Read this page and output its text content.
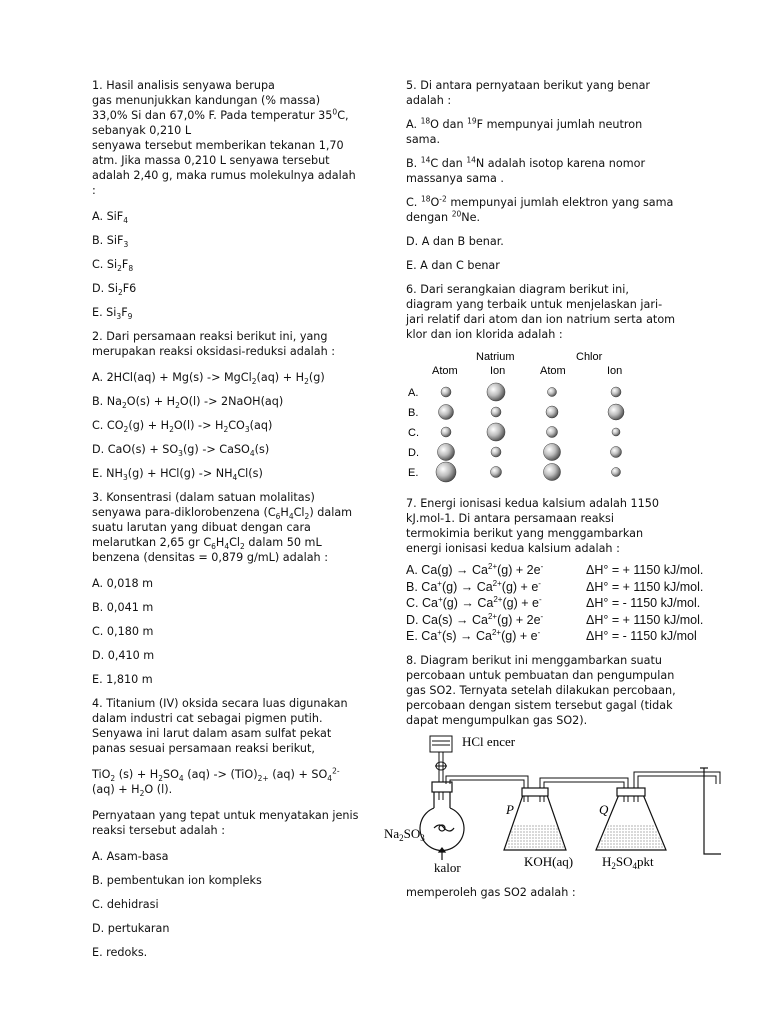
1. Hasil analisis senyawa berupa
gas menunjukkan kandungan (% massa)
33,0% Si dan 67,0% F. Pada temperatur $35^0C$,
sebanyak 0,210 L

senyawa tersebut memberikan tekanan 1,70 atm. Jika massa 0,210 L senyawa tersebut adalah 2,40 g, maka rumus molekulnya adalah :

A. SiF$_4$

B. SiF$_3$

C. $Si_2F_8$

D. $Si_2F6$

E. $Si_3F_9$

2. Dari persamaan reaksi berikut ini, yang merupakan reaksi oksidasi-reduksi adalah :

A. 2HCl(aq) + Mg(s) -> MgCl$_2$(aq) + $H_2(g)$

B. $Na_2O(s) + H_2O(l)$ -> 2NaOH(aq)

C. $CO_2(g) + H_2O(l) -> H_2CO_3(aq)$

D. $CaO(s) + SO_3(g)$ -> CaSO$_4$(s)

E. $NH_3(g) + HCl(g) -> NH_4Cl(s)$

3. Konsentrasi (dalam satuan molalitas) senyawa para-diklorobenzena $(C_6H_4Cl_2)$ dalam suatu larutan yang dibuat dengan cara melarutkan 2,65 gr $C_6H_4Cl_2$ dalam 50 mL benzena (densitas = 0,879 g/mL) adalah :

A. 0,018 m

B. 0,041 m

C. 0,180 m

D. 0,410 m

E. 1,810 m

4. Titanium (IV) oksida secara luas digunakan dalam industri cat sebagai pigmen putih. Senyawa ini larut dalam asam sulfat pekat panas sesuai persamaan reaksi berikut,

TiO$_2$ $(s) + H_2SO_4$ $(aq) -> (TiO)_{2+}$ $(aq) + SO_4^{2-}$ $(aq) + H_2O$ (l).

Pernyataan yang tepat untuk menyatakan jenis reaksi tersebut adalah :

A. Asam-basa

B. pembentukan ion kompleks

C. dehidrasi

D. pertukaran

E. redoks.

5. Di antara pernyataan berikut yang benar adalah :

A. $^{18}$O dan $^{19}$F mempunyai jumlah neutron sama.

B. $^{14}$C dan $^{14}$N adalah isotop karena nomor massanya sama .

C. $^{18}O^{-2}$ mempunyai jumlah elektron yang sama dengan $^{20}$Ne.

D. A dan B benar.

E. A dan C benar

6. Dari serangkaian diagram berikut ini, diagram yang terbaik untuk menjelaskan jari-jari relatif dari atom dan ion natrium serta atom klor dan ion klorida adalah :

Natrium	Chlor
Atom	Ion	Atom	Ion
A.
B.
C.
D.
E.

7. Energi ionisasi kedua kalsium adalah 1150 kJ.mol-1. Di antara persamaan reaksi termokimia berikut yang menggambarkan energi ionisasi kedua kalsium adalah :

A. $Ca(g) \to Ca^{2+}(g) + 2e^-$	ΔH° = + 1150 kJ/mol.
B. $Ca^+(g) \to Ca^{2+}(g) + e^-$	ΔH° = + 1150 kJ/mol.
C. $Ca^+(g) \to Ca^{2+}(g) + e^-$	ΔH° = - 1150 kJ/mol.
D. $Ca(s) \to Ca^{2+}(g) + 2e^-$	ΔH° = + 1150 kJ/mol.
E. $Ca^+(s) \to Ca^{2+}(g) + e^-$	ΔH° = - 1150 kJ/mol

8. Diagram berikut ini menggambarkan suatu percobaan untuk pembuatan dan pengumpulan gas SO2. Ternyata setelah dilakukan percobaan, percobaan dengan sistem tersebut gagal (tidak dapat mengumpulkan gas SO2).

HCl encer
$Na_2SO_3$
kalor
P
KOH(aq)
Q
$H_2SO_4pkt$

memperoleh gas SO2 adalah :
